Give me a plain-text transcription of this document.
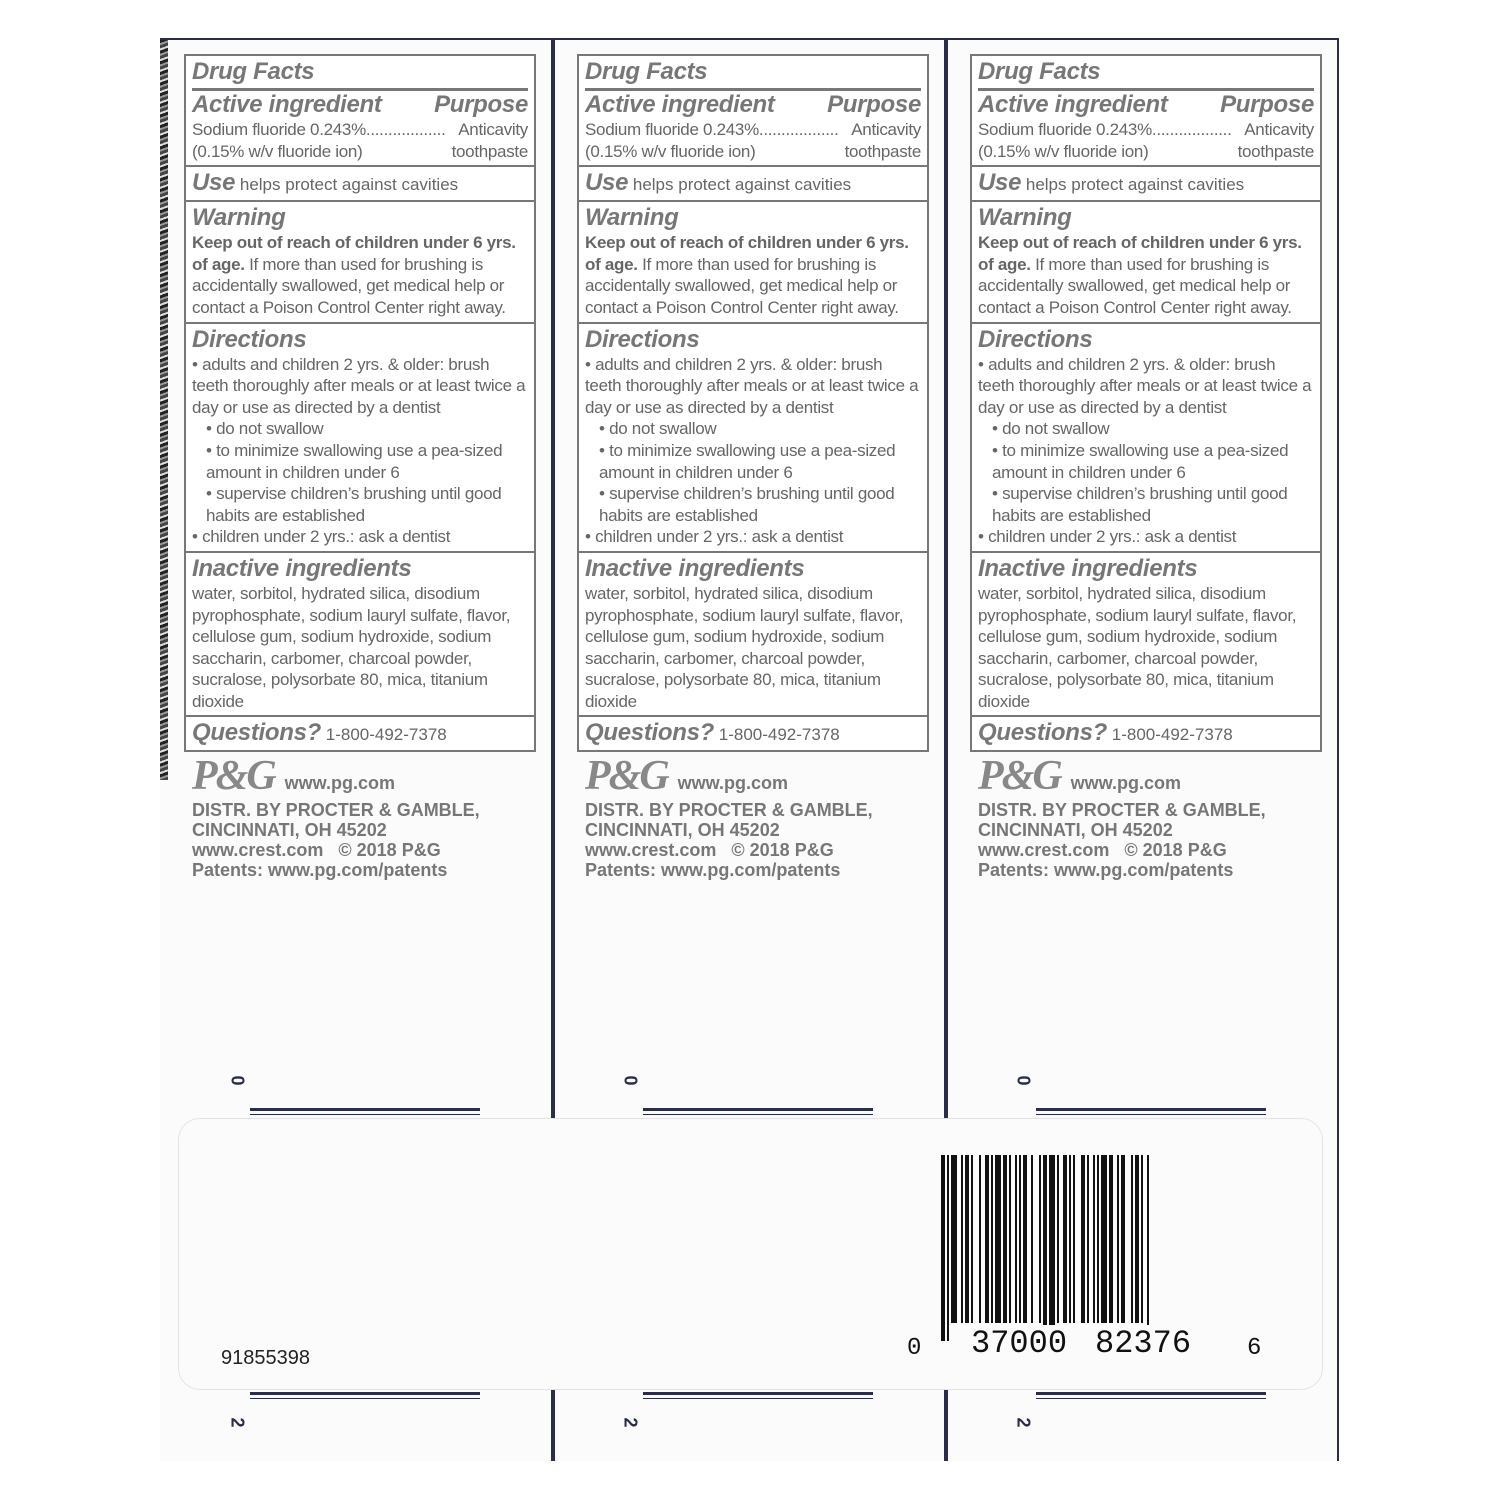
Drug Facts
Active ingredient Purpose
Sodium fluoride 0.243%.................. Anticavity
(0.15% w/v fluoride ion)	toothpaste
Use helps protect against cavities
Warning
Keep out of reach of children under 6 yrs. of age. If more than used for brushing is accidentally swallowed, get medical help or contact a Poison Control Center right away.
Directions
• adults and children 2 yrs. & older: brush teeth thoroughly after meals or at least twice a day or use as directed by a dentist
• do not swallow
• to minimize swallowing use a pea-sized amount in children under 6
• supervise children’s brushing until good habits are established
• children under 2 yrs.: ask a dentist
Inactive ingredients
water, sorbitol, hydrated silica, disodium pyrophosphate, sodium lauryl sulfate, flavor, cellulose gum, sodium hydroxide, sodium saccharin, carbomer, charcoal powder, sucralose, polysorbate 80, mica, titanium dioxide
Questions? 1-800-492-7378
P&G www.pg.com
DISTR. BY PROCTER & GAMBLE,
CINCINNATI, OH 45202
www.crest.com   © 2018 P&G
Patents: www.pg.com/patents
0
2
Drug Facts
Active ingredient Purpose
Sodium fluoride 0.243%.................. Anticavity
(0.15% w/v fluoride ion)	toothpaste
Use helps protect against cavities
Warning
Keep out of reach of children under 6 yrs. of age. If more than used for brushing is accidentally swallowed, get medical help or contact a Poison Control Center right away.
Directions
• adults and children 2 yrs. & older: brush teeth thoroughly after meals or at least twice a day or use as directed by a dentist
• do not swallow
• to minimize swallowing use a pea-sized amount in children under 6
• supervise children’s brushing until good habits are established
• children under 2 yrs.: ask a dentist
Inactive ingredients
water, sorbitol, hydrated silica, disodium pyrophosphate, sodium lauryl sulfate, flavor, cellulose gum, sodium hydroxide, sodium saccharin, carbomer, charcoal powder, sucralose, polysorbate 80, mica, titanium dioxide
Questions? 1-800-492-7378
P&G www.pg.com
DISTR. BY PROCTER & GAMBLE,
CINCINNATI, OH 45202
www.crest.com   © 2018 P&G
Patents: www.pg.com/patents
0
2
Drug Facts
Active ingredient Purpose
Sodium fluoride 0.243%.................. Anticavity
(0.15% w/v fluoride ion)	toothpaste
Use helps protect against cavities
Warning
Keep out of reach of children under 6 yrs. of age. If more than used for brushing is accidentally swallowed, get medical help or contact a Poison Control Center right away.
Directions
• adults and children 2 yrs. & older: brush teeth thoroughly after meals or at least twice a day or use as directed by a dentist
• do not swallow
• to minimize swallowing use a pea-sized amount in children under 6
• supervise children’s brushing until good habits are established
• children under 2 yrs.: ask a dentist
Inactive ingredients
water, sorbitol, hydrated silica, disodium pyrophosphate, sodium lauryl sulfate, flavor, cellulose gum, sodium hydroxide, sodium saccharin, carbomer, charcoal powder, sucralose, polysorbate 80, mica, titanium dioxide
Questions? 1-800-492-7378
P&G www.pg.com
DISTR. BY PROCTER & GAMBLE,
CINCINNATI, OH 45202
www.crest.com   © 2018 P&G
Patents: www.pg.com/patents
0
2
91855398	0 37000 82376 6
